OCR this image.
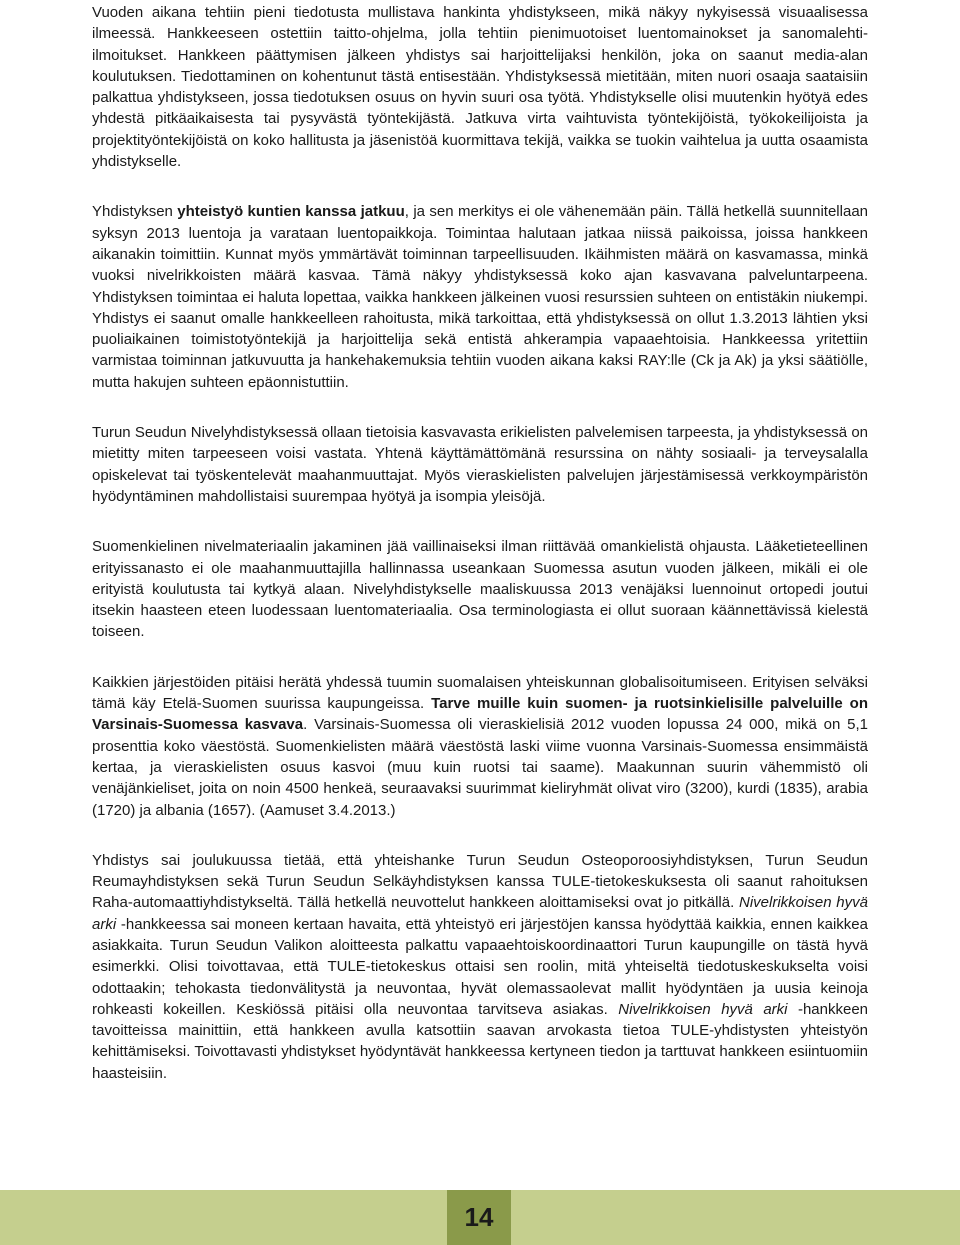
Vuoden aikana tehtiin pieni tiedotusta mullistava hankinta yhdistykseen, mikä näkyy nykyisessä visuaalisessa ilmeessä. Hankkeeseen ostettiin taitto-ohjelma, jolla tehtiin pienimuotoiset luentomainokset ja sanomalehti-ilmoitukset. Hankkeen päättymisen jälkeen yhdistys sai harjoittelijaksi henkilön, joka on saanut media-alan koulutuksen. Tiedottaminen on kohentunut tästä entisestään. Yhdistyksessä mietitään, miten nuori osaaja saataisiin palkattua yhdistykseen, jossa tiedotuksen osuus on hyvin suuri osa työtä. Yhdistykselle olisi muutenkin hyötyä edes yhdestä pitkäaikaisesta tai pysyvästä työntekijästä. Jatkuva virta vaihtuvista työntekijöistä, työkokeilijoista ja projektityöntekijöistä on koko hallitusta ja jäsenistöä kuormittava tekijä, vaikka se tuokin vaihtelua ja uutta osaamista yhdistykselle.

Yhdistyksen yhteistyö kuntien kanssa jatkuu, ja sen merkitys ei ole vähenemään päin. Tällä hetkellä suunnitellaan syksyn 2013 luentoja ja varataan luentopaikkoja. Toimintaa halutaan jatkaa niissä paikoissa, joissa hankkeen aikanakin toimittiin. Kunnat myös ymmärtävät toiminnan tarpeellisuuden. Ikäihmisten määrä on kasvamassa, minkä vuoksi nivelrikkoisten määrä kasvaa. Tämä näkyy yhdistyksessä koko ajan kasvavana palveluntarpeena. Yhdistyksen toimintaa ei haluta lopettaa, vaikka hankkeen jälkeinen vuosi resurssien suhteen on entistäkin niukempi. Yhdistys ei saanut omalle hankkeelleen rahoitusta, mikä tarkoittaa, että yhdistyksessä on ollut 1.3.2013 lähtien yksi puoliaikainen toimistotyöntekijä ja harjoittelija sekä entistä ahkerampia vapaaehtoisia. Hankkeessa yritettiin varmistaa toiminnan jatkuvuutta ja hankehakemuksia tehtiin vuoden aikana kaksi RAY:lle (Ck ja Ak) ja yksi säätiölle, mutta hakujen suhteen epäonnistuttiin.

Turun Seudun Nivelyhdistyksessä ollaan tietoisia kasvavasta erikielisten palvelemisen tarpeesta, ja yhdistyksessä on mietitty miten tarpeeseen voisi vastata. Yhtenä käyttämättömänä resurssina on nähty sosiaali- ja terveysalalla opiskelevat tai työskentelevät maahanmuuttajat. Myös vieraskielisten palvelujen järjestämisessä verkkoympäristön hyödyntäminen mahdollistaisi suurempaa hyötyä ja isompia yleisöjä.

Suomenkielinen nivelmateriaalin jakaminen jää vaillinaiseksi ilman riittävää omankielistä ohjausta. Lääketieteellinen erityissanasto ei ole maahanmuuttajilla hallinnassa useankaan Suomessa asutun vuoden jälkeen, mikäli ei ole erityistä koulutusta tai kytkyä alaan. Nivelyhdistykselle maaliskuussa 2013 venäjäksi luennoinut ortopedi joutui itsekin haasteen eteen luodessaan luentomateriaalia. Osa terminologiasta ei ollut suoraan käännettävissä kielestä toiseen.

Kaikkien järjestöiden pitäisi herätä yhdessä tuumin suomalaisen yhteiskunnan globalisoitumiseen. Erityisen selväksi tämä käy Etelä-Suomen suurissa kaupungeissa. Tarve muille kuin suomen- ja ruotsinkielisille palveluille on Varsinais-Suomessa kasvava. Varsinais-Suomessa oli vieraskielisiä 2012 vuoden lopussa 24 000, mikä on 5,1 prosenttia koko väestöstä. Suomenkielisten määrä väestöstä laski viime vuonna Varsinais-Suomessa ensimmäistä kertaa, ja vieraskielisten osuus kasvoi (muu kuin ruotsi tai saame). Maakunnan suurin vähemmistö oli venäjänkieliset, joita on noin 4500 henkeä, seuraavaksi suurimmat kieliryhmät olivat viro (3200), kurdi (1835), arabia (1720) ja albania (1657). (Aamuset 3.4.2013.)

Yhdistys sai joulukuussa tietää, että yhteishanke Turun Seudun Osteoporoosiyhdistyksen, Turun Seudun Reumayhdistyksen sekä Turun Seudun Selkäyhdistyksen kanssa TULE-tietokeskuksesta oli saanut rahoituksen Raha-automaattiyhdistykseltä. Tällä hetkellä neuvottelut hankkeen aloittamiseksi ovat jo pitkällä. Nivelrikkoisen hyvä arki -hankkeessa sai moneen kertaan havaita, että yhteistyö eri järjestöjen kanssa hyödyttää kaikkia, ennen kaikkea asiakkaita. Turun Seudun Valikon aloitteesta palkattu vapaaehtoiskoordinaattori Turun kaupungille on tästä hyvä esimerkki. Olisi toivottavaa, että TULE-tietokeskus ottaisi sen roolin, mitä yhteiseltä tiedotuskeskukselta voisi odottaakin; tehokasta tiedonvälitystä ja neuvontaa, hyvät olemassaolevat mallit hyödyntäen ja uusia keinoja rohkeasti kokeillen. Keskiössä pitäisi olla neuvontaa tarvitseva asiakas. Nivelrikkoisen hyvä arki -hankkeen tavoitteissa mainittiin, että hankkeen avulla katsottiin saavan arvokasta tietoa TULE-yhdistysten yhteistyön kehittämiseksi. Toivottavasti yhdistykset hyödyntävät hankkeessa kertyneen tiedon ja tarttuvat hankkeen esiintuomiin haasteisiin.

14
